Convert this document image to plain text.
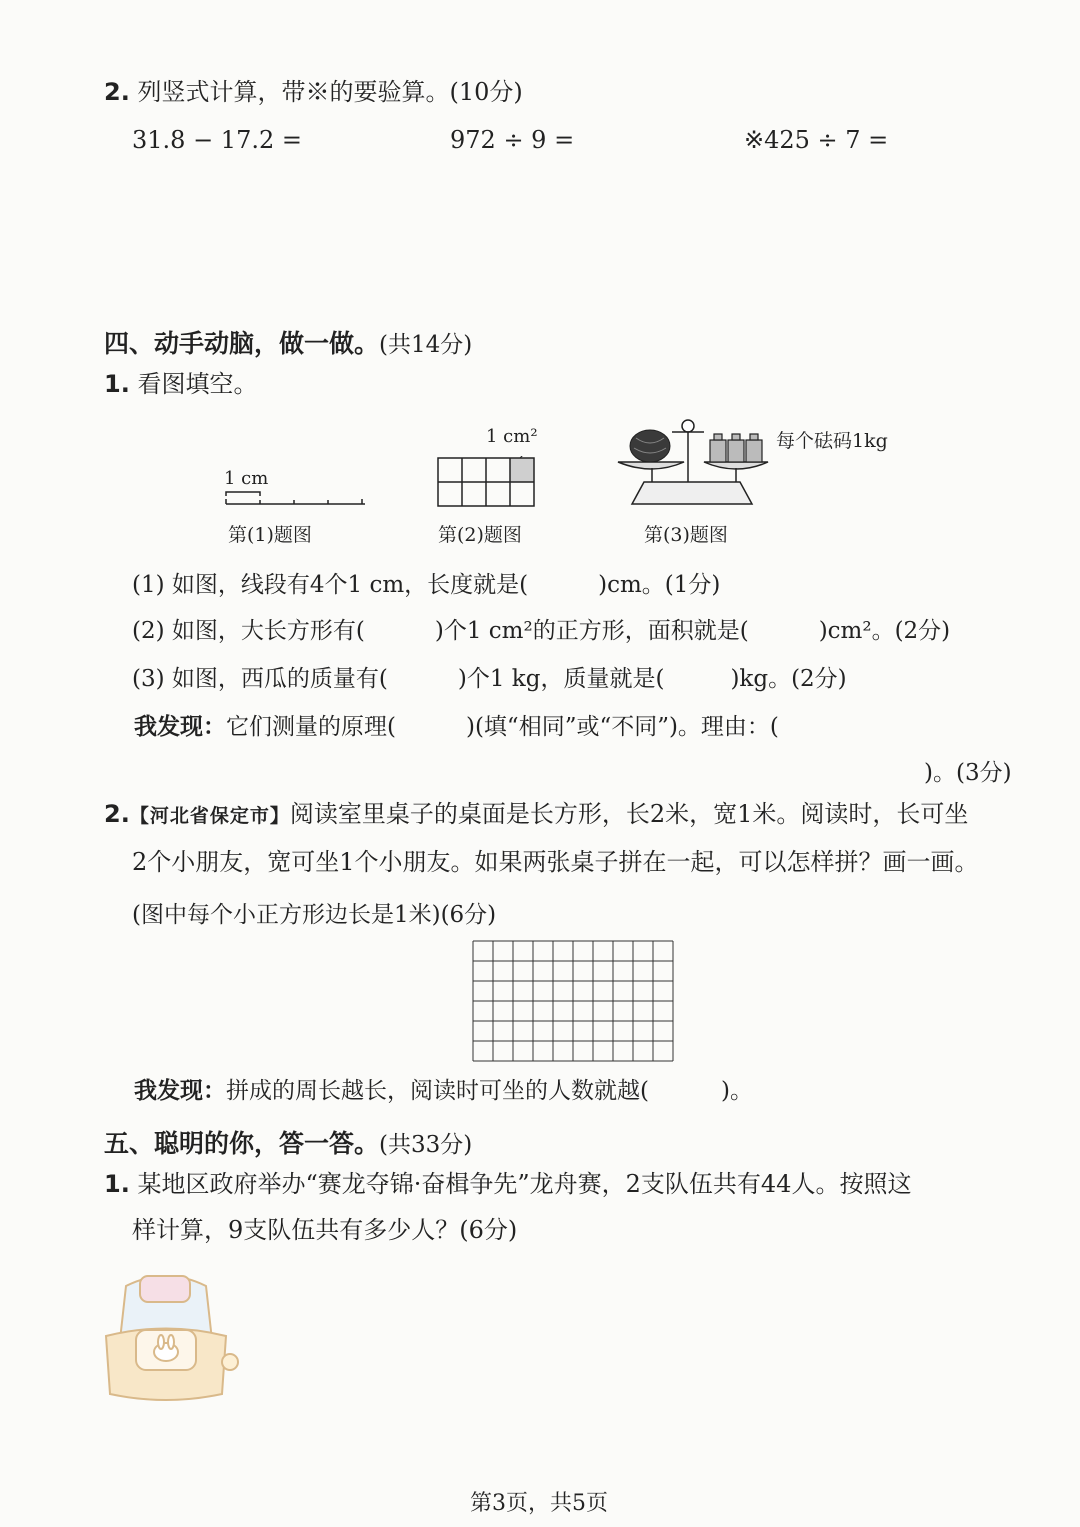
2. 列竖式计算，带※的要验算。(10分)
31.8 − 17.2 =	972 ÷ 9 =	※425 ÷ 7 =
四、动手动脑，做一做。(共14分)
1. 看图填空。
1 cm
第(1)题图
1 cm²
第(2)题图
每个砝码1kg
第(3)题图
(1) 如图，线段有4个1 cm，长度就是(	)cm。(1分)
(2) 如图，大长方形有(	)个1 cm²的正方形，面积就是(	)cm²。(2分)
(3) 如图，西瓜的质量有(	)个1 kg，质量就是(	)kg。(2分)
我发现：它们测量的原理(	)(填“相同”或“不同”)。理由：(
)。(3分)
2.【河北省保定市】阅读室里桌子的桌面是长方形，长2米，宽1米。阅读时，长可坐
2个小朋友，宽可坐1个小朋友。如果两张桌子拼在一起，可以怎样拼？画一画。
(图中每个小正方形边长是1米)(6分)
我发现：拼成的周长越长，阅读时可坐的人数就越(	)。
五、聪明的你，答一答。(共33分)
1. 某地区政府举办“赛龙夺锦·奋楫争先”龙舟赛，2支队伍共有44人。按照这
样计算，9支队伍共有多少人？(6分)
第3页，共5页
